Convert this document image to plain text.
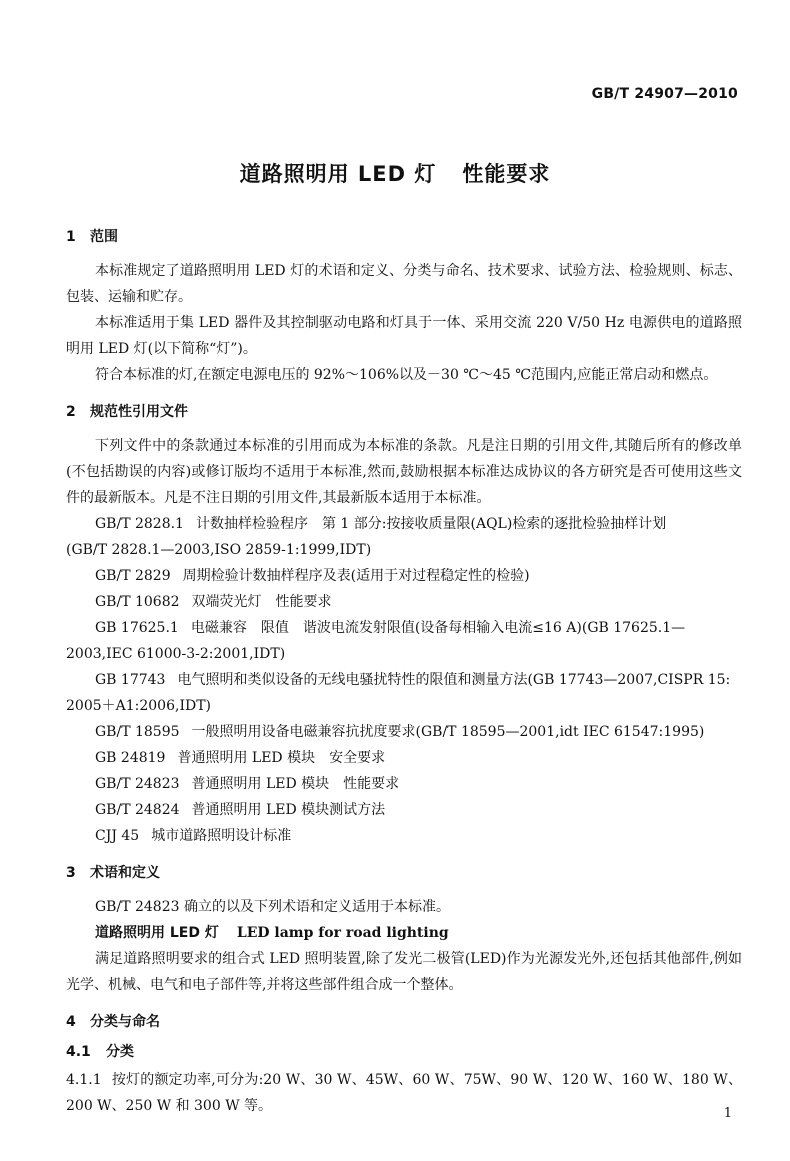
GB/T 24907—2010
道路照明用 LED 灯 性能要求
1 范围

本标准规定了道路照明用 LED 灯的术语和定义、分类与命名、技术要求、试验方法、检验规则、标志、包装、运输和贮存。

本标准适用于集 LED 器件及其控制驱动电路和灯具于一体、采用交流 220 V/50 Hz 电源供电的道路照明用 LED 灯(以下简称“灯”)。

符合本标准的灯,在额定电源电压的 92%～106%以及－30 ℃～45 ℃范围内,应能正常启动和燃点。

2 规范性引用文件

下列文件中的条款通过本标准的引用而成为本标准的条款。凡是注日期的引用文件,其随后所有的修改单(不包括勘误的内容)或修订版均不适用于本标准,然而,鼓励根据本标准达成协议的各方研究是否可使用这些文件的最新版本。凡是不注日期的引用文件,其最新版本适用于本标准。

GB/T 2828.1 计数抽样检验程序　第 1 部分:按接收质量限(AQL)检索的逐批检验抽样计划
(GB/T 2828.1—2003,ISO 2859-1:1999,IDT)

GB/T 2829 周期检验计数抽样程序及表(适用于对过程稳定性的检验)

GB/T 10682 双端荧光灯　性能要求

GB 17625.1 电磁兼容　限值　谐波电流发射限值(设备每相输入电流≤16 A)(GB 17625.1—
2003,IEC 61000-3-2:2001,IDT)

GB 17743 电气照明和类似设备的无线电骚扰特性的限值和测量方法(GB 17743—2007,CISPR 15:
2005＋A1:2006,IDT)

GB/T 18595 一般照明用设备电磁兼容抗扰度要求(GB/T 18595—2001,idt IEC 61547:1995)

GB 24819 普通照明用 LED 模块　安全要求

GB/T 24823 普通照明用 LED 模块　性能要求

GB/T 24824 普通照明用 LED 模块测试方法

CJJ 45 城市道路照明设计标准

3 术语和定义

GB/T 24823 确立的以及下列术语和定义适用于本标准。

道路照明用 LED 灯 LED lamp for road lighting

满足道路照明要求的组合式 LED 照明装置,除了发光二极管(LED)作为光源发光外,还包括其他部件,例如光学、机械、电气和电子部件等,并将这些部件组合成一个整体。

4 分类与命名
4.1 分类

4.1.1 按灯的额定功率,可分为:20 W、30 W、45W、60 W、75W、90 W、120 W、160 W、180 W、200 W、250 W 和 300 W 等。	1
